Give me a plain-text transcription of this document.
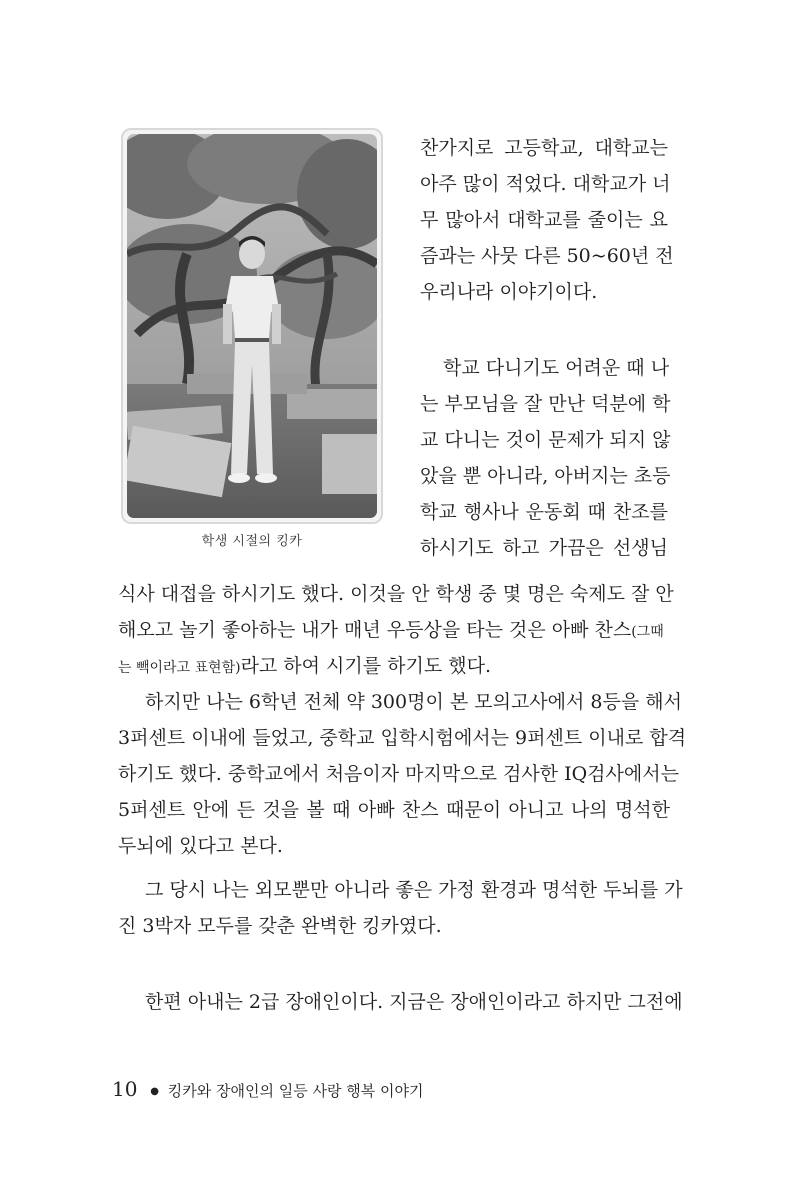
학생 시절의 킹카
찬가지로 고등학교, 대학교는
아주 많이 적었다. 대학교가 너
무 많아서 대학교를 줄이는 요
즘과는 사뭇 다른 50~60년 전
우리나라 이야기이다.
학교 다니기도 어려운 때 나
는 부모님을 잘 만난 덕분에 학
교 다니는 것이 문제가 되지 않
았을 뿐 아니라, 아버지는 초등
학교 행사나 운동회 때 찬조를
하시기도 하고 가끔은 선생님
식사 대접을 하시기도 했다. 이것을 안 학생 중 몇 명은 숙제도 잘 안
해오고 놀기 좋아하는 내가 매년 우등상을 타는 것은 아빠 찬스(그때
는 빽이라고 표현함)라고 하여 시기를 하기도 했다.
하지만 나는 6학년 전체 약 300명이 본 모의고사에서 8등을 해서
3퍼센트 이내에 들었고, 중학교 입학시험에서는 9퍼센트 이내로 합격
하기도 했다. 중학교에서 처음이자 마지막으로 검사한 IQ검사에서는
5퍼센트 안에 든 것을 볼 때 아빠 찬스 때문이 아니고 나의 명석한
두뇌에 있다고 본다.
그 당시 나는 외모뿐만 아니라 좋은 가정 환경과 명석한 두뇌를 가
진 3박자 모두를 갖춘 완벽한 킹카였다.
한편 아내는 2급 장애인이다. 지금은 장애인이라고 하지만 그전에
10 ● 킹카와 장애인의 일등 사랑 행복 이야기
